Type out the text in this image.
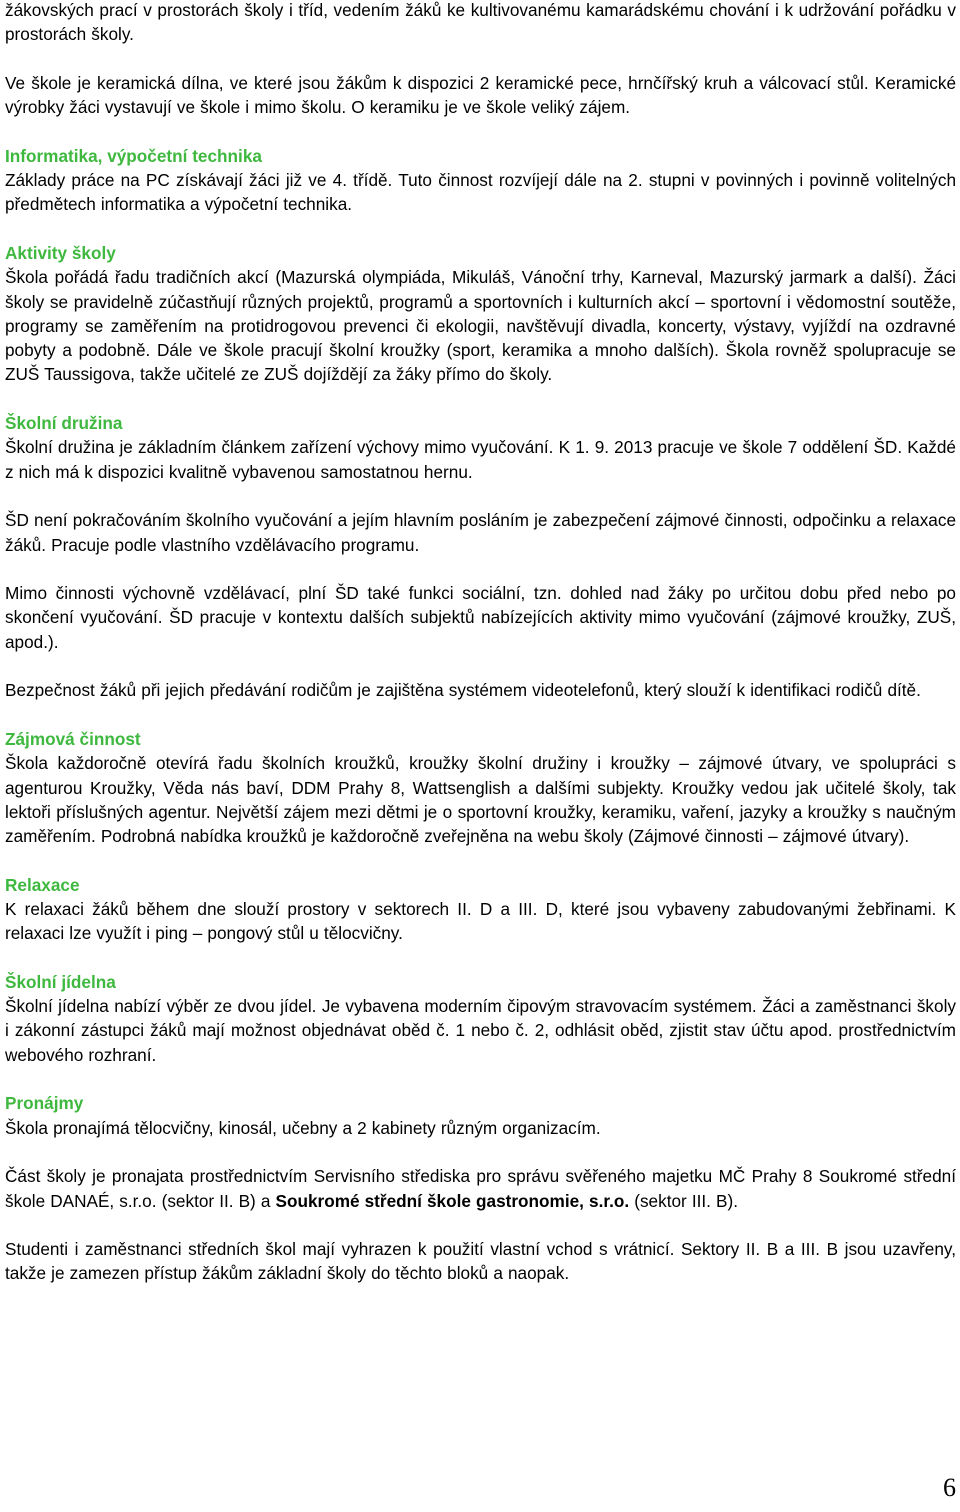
žákovských prací v prostorách školy i tříd, vedením žáků ke kultivovanému kamarádskému chování i k udržování pořádku v prostorách školy.

Ve škole je keramická dílna, ve které jsou žákům k dispozici 2 keramické pece, hrnčířský kruh a válcovací stůl. Keramické výrobky žáci vystavují ve škole i mimo školu. O keramiku je ve škole veliký zájem.

Informatika, výpočetní technika

Základy práce na PC získávají žáci již ve 4. třídě. Tuto činnost rozvíjejí dále na 2. stupni v povinných i povinně volitelných předmětech informatika a výpočetní technika.

Aktivity školy

Škola pořádá řadu tradičních akcí (Mazurská olympiáda, Mikuláš, Vánoční trhy, Karneval, Mazurský jarmark a další). Žáci školy se pravidelně zúčastňují různých projektů, programů a sportovních i kulturních akcí – sportovní i vědomostní soutěže, programy se zaměřením na protidrogovou prevenci či ekologii, navštěvují divadla, koncerty, výstavy, vyjíždí na ozdravné pobyty a podobně. Dále ve škole pracují školní kroužky (sport, keramika a mnoho dalších). Škola rovněž spolupracuje se ZUŠ Taussigova, takže učitelé ze ZUŠ dojíždějí za žáky přímo do školy.

Školní družina

Školní družina je základním článkem zařízení výchovy mimo vyučování. K 1. 9. 2013 pracuje ve škole 7 oddělení ŠD. Každé z nich má k dispozici kvalitně vybavenou samostatnou hernu.

ŠD není pokračováním školního vyučování a jejím hlavním posláním je zabezpečení zájmové činnosti, odpočinku a relaxace žáků. Pracuje podle vlastního vzdělávacího programu.

Mimo činnosti výchovně vzdělávací, plní ŠD také funkci sociální, tzn. dohled nad žáky po určitou dobu před nebo po skončení vyučování. ŠD pracuje v kontextu dalších subjektů nabízejících aktivity mimo vyučování (zájmové kroužky, ZUŠ, apod.).

Bezpečnost žáků při jejich předávání rodičům je zajištěna systémem videotelefonů, který slouží k identifikaci rodičů dítě.

Zájmová činnost

Škola každoročně otevírá řadu školních kroužků, kroužky školní družiny i kroužky – zájmové útvary, ve spolupráci s agenturou Kroužky, Věda nás baví, DDM Prahy 8, Wattsenglish a dalšími subjekty. Kroužky vedou jak učitelé školy, tak lektoři příslušných agentur. Největší zájem mezi dětmi je o sportovní kroužky, keramiku, vaření, jazyky a kroužky s naučným zaměřením. Podrobná nabídka kroužků je každoročně zveřejněna na webu školy (Zájmové činnosti – zájmové útvary).

Relaxace

K relaxaci žáků během dne slouží prostory v sektorech II. D a III. D, které jsou vybaveny zabudovanými žebřinami. K relaxaci lze využít i ping – pongový stůl u tělocvičny.

Školní jídelna

Školní jídelna nabízí výběr ze dvou jídel. Je vybavena moderním čipovým stravovacím systémem. Žáci a zaměstnanci školy i zákonní zástupci žáků mají možnost objednávat oběd č. 1 nebo č. 2, odhlásit oběd, zjistit stav účtu apod. prostřednictvím webového rozhraní.

Pronájmy

Škola pronajímá tělocvičny, kinosál, učebny a 2 kabinety různým organizacím.

Část školy je pronajata prostřednictvím Servisního střediska pro správu svěřeného majetku MČ Prahy 8 Soukromé střední škole DANAÉ, s.r.o. (sektor II. B) a Soukromé střední škole gastronomie, s.r.o. (sektor III. B).

Studenti i zaměstnanci středních škol mají vyhrazen k použití vlastní vchod s vrátnicí. Sektory II. B a III. B jsou uzavřeny, takže je zamezen přístup žákům základní školy do těchto bloků a naopak.

6
